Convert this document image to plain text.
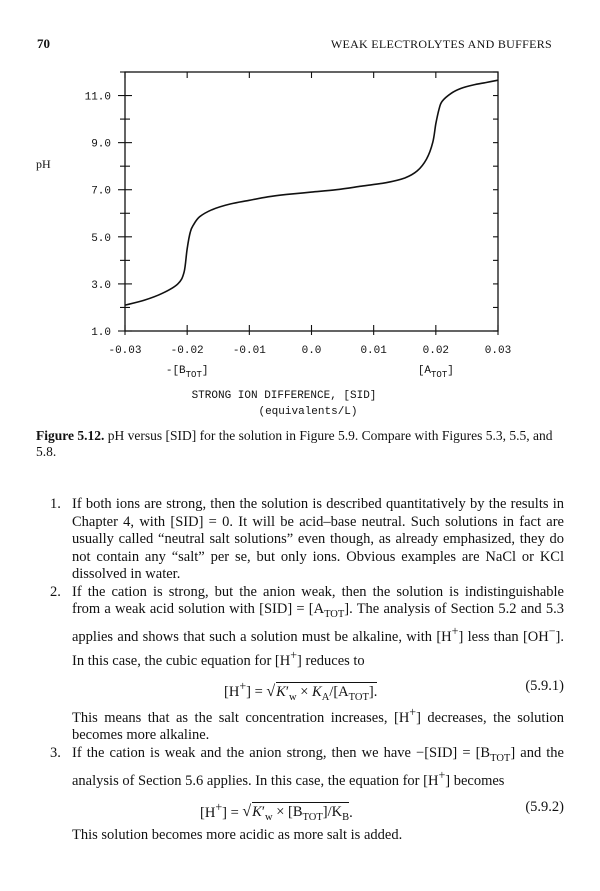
70	WEAK ELECTROLYTES AND BUFFERS
pH
1.0
3.0
5.0
7.0
9.0
11.0
-0.03	-0.02	-0.01	0.0	0.01	0.02	0.03
$-[B_{TOT}]$	$[A_{TOT}]$
STRONG ION DIFFERENCE, [SID]
(equivalents/L)
Figure 5.12. pH versus [SID] for the solution in Figure 5.9. Compare with Figures 5.3, 5.5, and 5.8.
1. If both ions are strong, then the solution is described quantitatively by the results in Chapter 4, with [SID] = 0. It will be acid–base neutral. Such solutions in fact are usually called “neutral salt solutions” even though, as already emphasized, they do not contain any “salt” per se, but only ions. Obvious examples are NaCl or KCl dissolved in water.
2. If the cation is strong, but the anion weak, then the solution is indistinguishable from a weak acid solution with $[SID] = [A_{TOT}]$. The analysis of Section 5.2 and 5.3 applies and shows that such a solution must be alkaline, with [H+] less than [OH−]. In this case, the cubic equation for [H+] reduces to
$[H^+] = √K'_w \times K_A/[A_{TOT}]$.	(5.9.1)
This means that as the salt concentration increases, [H+] decreases, the solution becomes more alkaline.
3. If the cation is weak and the anion strong, then we have $-[SID] = [B_{TOT}]$ and the analysis of Section 5.6 applies. In this case, the equation for [H+] becomes
$[H^+] = √K'_w \times [B_{TOT}]/K_B$.	(5.9.2)
This solution becomes more acidic as more salt is added.
